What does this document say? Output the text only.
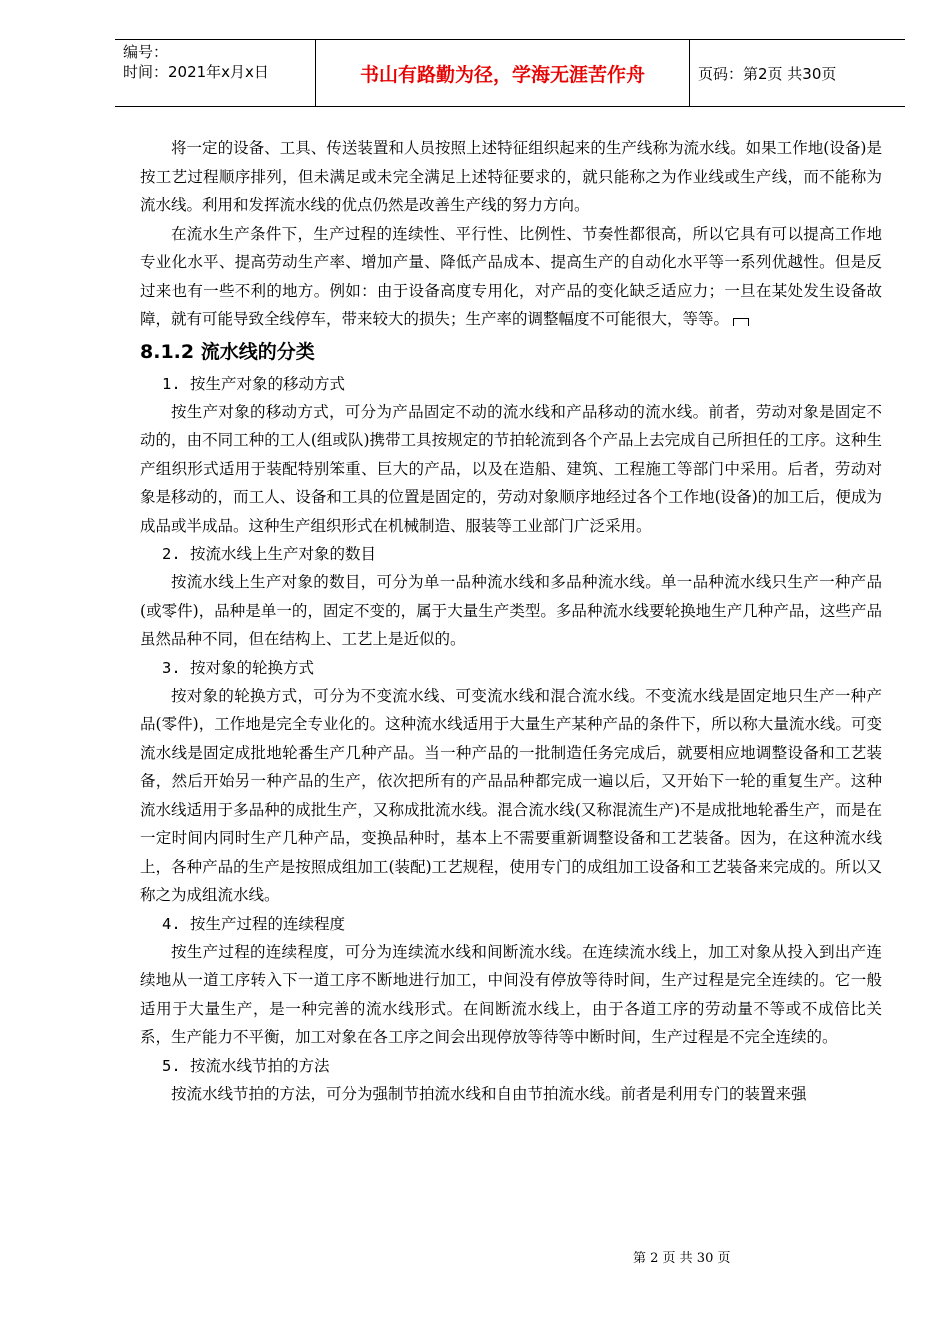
编号：
时间：2021年x月x日	书山有路勤为径，学海无涯苦作舟	页码：第2页 共30页

将一定的设备、工具、传送装置和人员按照上述特征组织起来的生产线称为流水线。如果工作地(设备)是按工艺过程顺序排列，但未满足或未完全满足上述特征要求的，就只能称之为作业线或生产线，而不能称为流水线。利用和发挥流水线的优点仍然是改善生产线的努力方向。

在流水生产条件下，生产过程的连续性、平行性、比例性、节奏性都很高，所以它具有可以提高工作地专业化水平、提高劳动生产率、增加产量、降低产品成本、提高生产的自动化水平等一系列优越性。但是反过来也有一些不利的地方。例如：由于设备高度专用化，对产品的变化缺乏适应力；一旦在某处发生设备故障，就有可能导致全线停车，带来较大的损失；生产率的调整幅度不可能很大，等等。

8.1.2 流水线的分类
1. 按生产对象的移动方式

按生产对象的移动方式，可分为产品固定不动的流水线和产品移动的流水线。前者，劳动对象是固定不动的，由不同工种的工人(组或队)携带工具按规定的节拍轮流到各个产品上去完成自己所担任的工序。这种生产组织形式适用于装配特别笨重、巨大的产品，以及在造船、建筑、工程施工等部门中采用。后者，劳动对象是移动的，而工人、设备和工具的位置是固定的，劳动对象顺序地经过各个工作地(设备)的加工后，便成为成品或半成品。这种生产组织形式在机械制造、服装等工业部门广泛采用。

2. 按流水线上生产对象的数目

按流水线上生产对象的数目，可分为单一品种流水线和多品种流水线。单一品种流水线只生产一种产品(或零件)，品种是单一的，固定不变的，属于大量生产类型。多品种流水线要轮换地生产几种产品，这些产品虽然品种不同，但在结构上、工艺上是近似的。

3. 按对象的轮换方式

按对象的轮换方式，可分为不变流水线、可变流水线和混合流水线。不变流水线是固定地只生产一种产品(零件)，工作地是完全专业化的。这种流水线适用于大量生产某种产品的条件下，所以称大量流水线。可变流水线是固定成批地轮番生产几种产品。当一种产品的一批制造任务完成后，就要相应地调整设备和工艺装备，然后开始另一种产品的生产，依次把所有的产品品种都完成一遍以后，又开始下一轮的重复生产。这种流水线适用于多品种的成批生产，又称成批流水线。混合流水线(又称混流生产)不是成批地轮番生产，而是在一定时间内同时生产几种产品，变换品种时，基本上不需要重新调整设备和工艺装备。因为，在这种流水线上，各种产品的生产是按照成组加工(装配)工艺规程，使用专门的成组加工设备和工艺装备来完成的。所以又称之为成组流水线。

4. 按生产过程的连续程度

按生产过程的连续程度，可分为连续流水线和间断流水线。在连续流水线上，加工对象从投入到出产连续地从一道工序转入下一道工序不断地进行加工，中间没有停放等待时间，生产过程是完全连续的。它一般适用于大量生产，是一种完善的流水线形式。在间断流水线上，由于各道工序的劳动量不等或不成倍比关系，生产能力不平衡，加工对象在各工序之间会出现停放等待等中断时间，生产过程是不完全连续的。

5. 按流水线节拍的方法

按流水线节拍的方法，可分为强制节拍流水线和自由节拍流水线。前者是利用专门的装置来强

第 2 页 共 30 页
